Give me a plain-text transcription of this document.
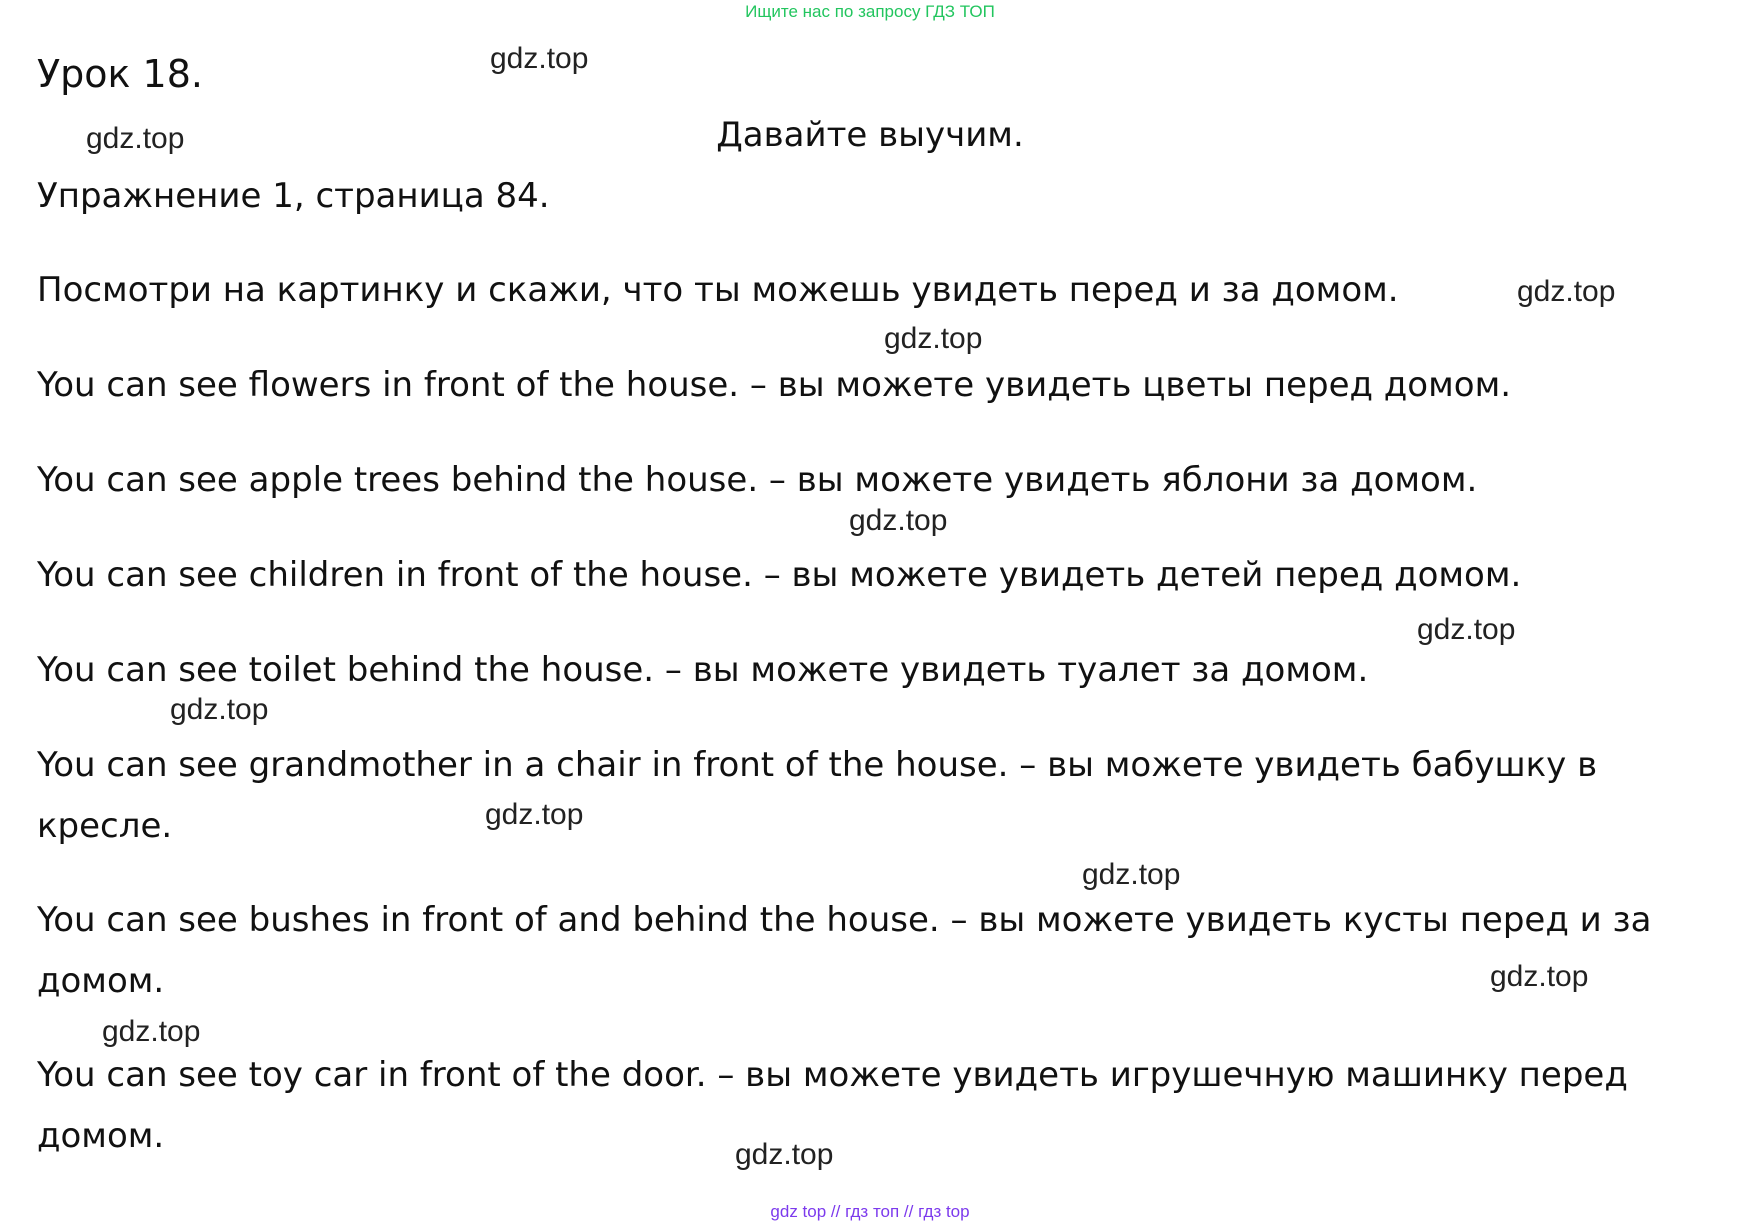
Ищите нас по запросу ГДЗ ТОП
Урок 18.
Давайте выучим.

Упражнение 1, страница 84.

Посмотри на картинку и скажи, что ты можешь увидеть перед и за домом.

You can see flowers in front of the house. – вы можете увидеть цветы перед домом.

You can see apple trees behind the house. – вы можете увидеть яблони за домом.

You can see children in front of the house. – вы можете увидеть детей перед домом.

You can see toilet behind the house. – вы можете увидеть туалет за домом.

You can see grandmother in a chair in front of the house. – вы можете увидеть бабушку в кресле.

You can see bushes in front of and behind the house. – вы можете увидеть кусты перед и за домом.

You can see toy car in front of the door. – вы можете увидеть игрушечную машинку перед домом.

gdz.top
gdz.top
gdz.top
gdz.top
gdz.top
gdz.top
gdz.top
gdz.top
gdz.top
gdz.top
gdz.top
gdz.top
gdz top // гдз топ // гдз top
